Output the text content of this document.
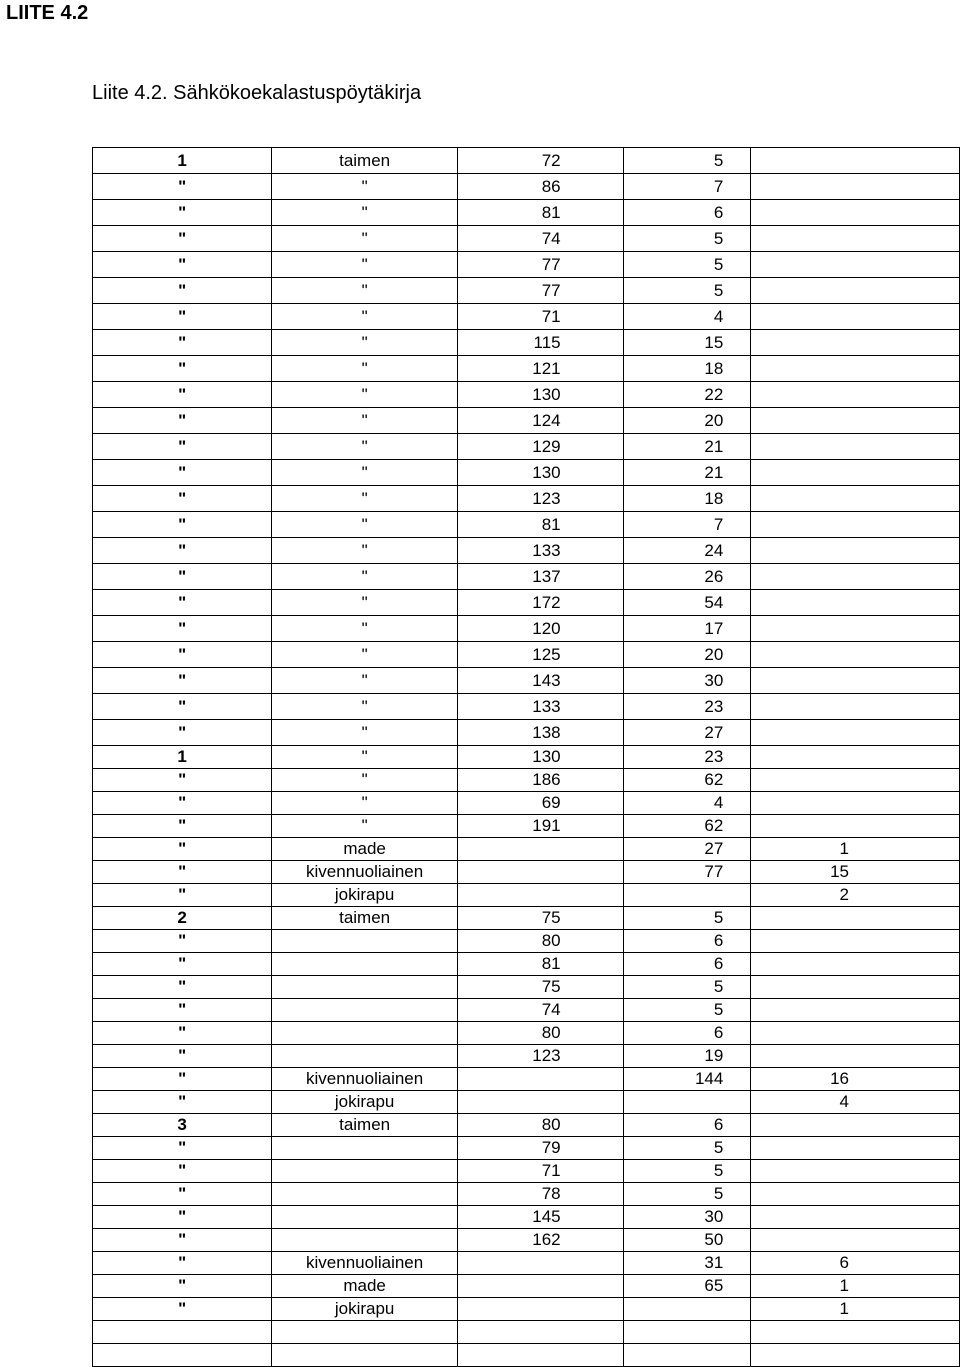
LIITE 4.2
Liite 4.2. Sähkökoekalastuspöytäkirja
1	taimen	72	5	
"	"	86	7	
"	"	81	6	
"	"	74	5	
"	"	77	5	
"	"	77	5	
"	"	71	4	
"	"	115	15	
"	"	121	18	
"	"	130	22	
"	"	124	20	
"	"	129	21	
"	"	130	21	
"	"	123	18	
"	"	81	7	
"	"	133	24	
"	"	137	26	
"	"	172	54	
"	"	120	17	
"	"	125	20	
"	"	143	30	
"	"	133	23	
"	"	138	27	
1	"	130	23	
"	"	186	62	
"	"	69	4	
"	"	191	62	
"	made		27	1
"	kivennuoliainen		77	15
"	jokirapu			2
2	taimen	75	5	
"		80	6	
"		81	6	
"		75	5	
"		74	5	
"		80	6	
"		123	19	
"	kivennuoliainen		144	16
"	jokirapu			4
3	taimen	80	6	
"		79	5	
"		71	5	
"		78	5	
"		145	30	
"		162	50	
"	kivennuoliainen		31	6
"	made		65	1
"	jokirapu			1
